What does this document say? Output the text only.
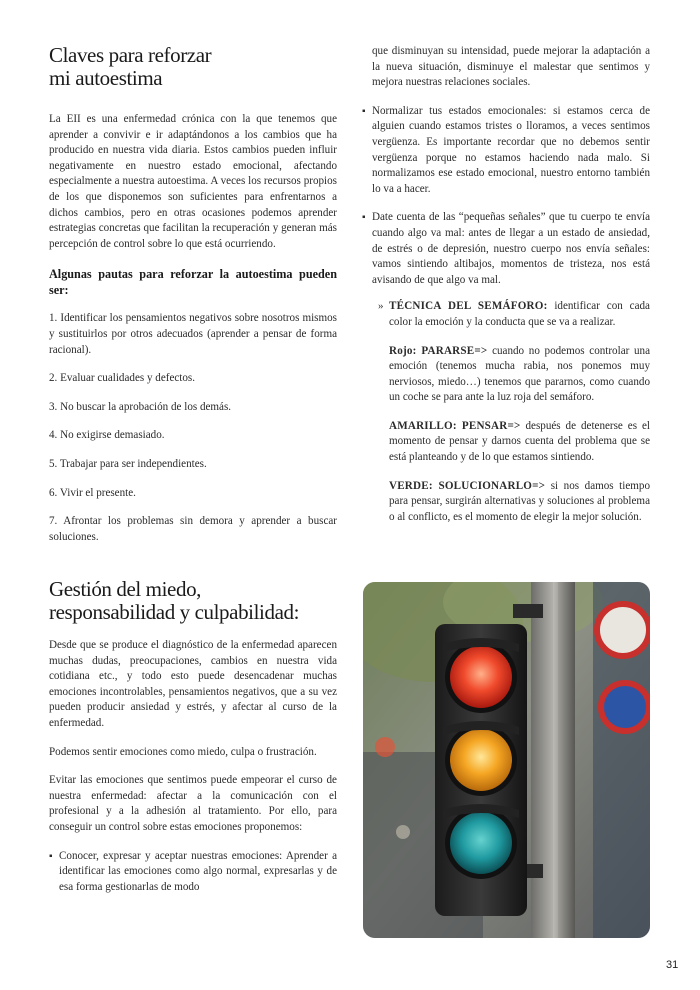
Claves para reforzar
mi autoestima

La EII es una enfermedad crónica con la que tenemos que aprender a convivir e ir adaptándonos a los cambios que ha producido en nuestra vida diaria. Estos cambios pueden influir negativamente en nuestro estado emocional, afectando especialmente a nuestra autoestima. A veces los recursos propios de los que disponemos son suficientes para enfrentarnos a dichos cambios, pero en otras ocasiones podemos aprender estrategias concretas que facilitan la recuperación y generan más percepción de control sobre lo que está ocurriendo.

Algunas pautas para reforzar la autoestima pueden ser:

1. Identificar los pensamientos negativos sobre nosotros mismos y sustituirlos por otros adecuados (aprender a pensar de forma racional).

2. Evaluar cualidades y defectos.

3. No buscar la aprobación de los demás.

4. No exigirse demasiado.

5. Trabajar para ser independientes.

6. Vivir el presente.

7. Afrontar los problemas sin demora y aprender a buscar soluciones.

Gestión del miedo,
responsabilidad y culpabilidad:

Desde que se produce el diagnóstico de la enfermedad aparecen muchas dudas, preocupaciones, cambios en nuestra vida cotidiana etc., y todo esto puede desencadenar muchas emociones incontrolables, pensamientos negativos, que a su vez pueden producir ansiedad y estrés, y afectar al curso de la enfermedad.

Podemos sentir emociones como miedo, culpa o frustración.

Evitar las emociones que sentimos puede empeorar el curso de nuestra enfermedad: afectar a la comunicación con el profesional y a la adhesión al tratamiento. Por ello, para conseguir un control sobre estas emociones proponemos:

▪ Conocer, expresar y aceptar nuestras emociones: Aprender a identificar las emociones como algo normal, expresarlas y de esa forma gestionarlas de modo

que disminuyan su intensidad, puede mejorar la adaptación a la nueva situación, disminuye el malestar que sentimos y mejora nuestras relaciones sociales.

▪ Normalizar tus estados emocionales: si estamos cerca de alguien cuando estamos tristes o lloramos, a veces sentimos vergüenza. Es importante recordar que no debemos sentir vergüenza porque no estamos haciendo nada malo. Si normalizamos ese estado emocional, nuestro entorno también lo va a hacer.

▪ Date cuenta de las “pequeñas señales” que tu cuerpo te envía cuando algo va mal: antes de llegar a un estado de ansiedad, de estrés o de depresión, nuestro cuerpo nos envía señales: vamos sintiendo altibajos, momentos de tristeza, nos está avisando de que algo va mal.

» TÉCNICA DEL SEMÁFORO: identificar con cada color la emoción y la conducta que se va a realizar.

Rojo: PARARSE=> cuando no podemos controlar una emoción (tenemos mucha rabia, nos ponemos muy nerviosos, miedo…) tenemos que pararnos, como cuando un coche se para ante la luz roja del semáforo.

AMARILLO: PENSAR=> después de detenerse es el momento de pensar y darnos cuenta del problema que se está planteando y de lo que estamos sintiendo.

VERDE: SOLUCIONARLO=> si nos damos tiempo para pensar, surgirán alternativas y soluciones al problema o al conflicto, es el momento de elegir la mejor solución.

31
